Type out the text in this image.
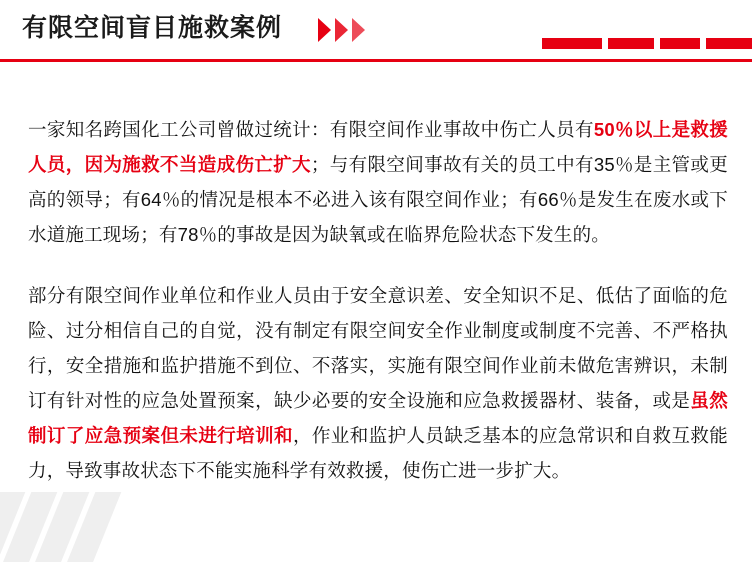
有限空间盲目施救案例

一家知名跨国化工公司曾做过统计：有限空间作业事故中伤亡人员有50％以上是救援人员，因为施救不当造成伤亡扩大；与有限空间事故有关的员工中有35％是主管或更高的领导；有64％的情况是根本不必进入该有限空间作业；有66％是发生在废水或下水道施工现场；有78％的事故是因为缺氧或在临界危险状态下发生的。

部分有限空间作业单位和作业人员由于安全意识差、安全知识不足、低估了面临的危险、过分相信自己的自觉，没有制定有限空间安全作业制度或制度不完善、不严格执行，安全措施和监护措施不到位、不落实，实施有限空间作业前未做危害辨识，未制订有针对性的应急处置预案，缺少必要的安全设施和应急救援器材、装备，或是虽然制订了应急预案但未进行培训和，作业和监护人员缺乏基本的应急常识和自救互救能力，导致事故状态下不能实施科学有效救援，使伤亡进一步扩大。
